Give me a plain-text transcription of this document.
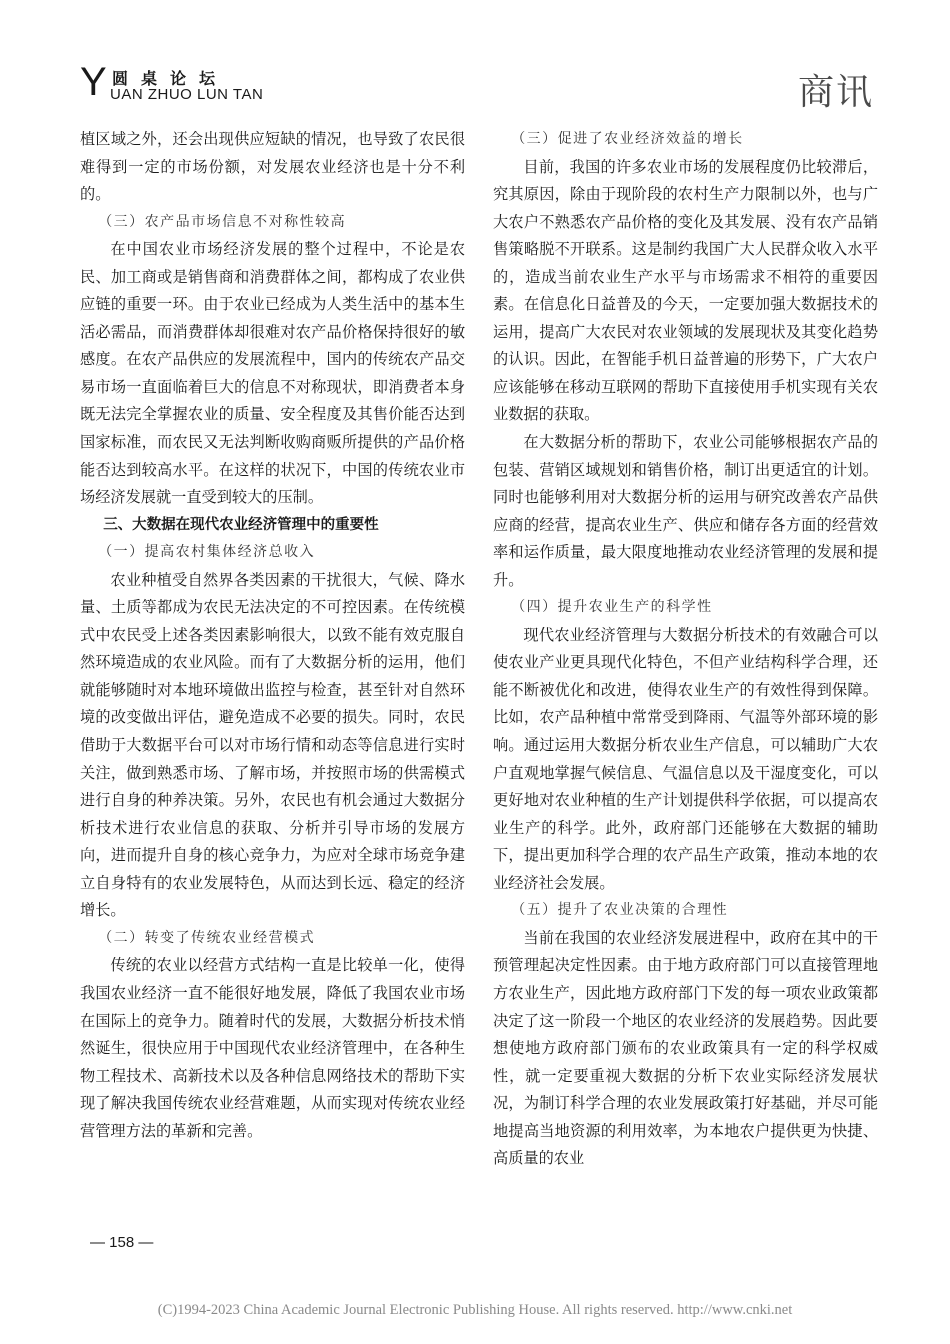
Y 圆桌论坛
UAN ZHUO LUN TAN	商讯

植区域之外，还会出现供应短缺的情况，也导致了农民很难得到一定的市场份额，对发展农业经济也是十分不利的。

（三）农产品市场信息不对称性较高

在中国农业市场经济发展的整个过程中，不论是农民、加工商或是销售商和消费群体之间，都构成了农业供应链的重要一环。由于农业已经成为人类生活中的基本生活必需品，而消费群体却很难对农产品价格保持很好的敏感度。在农产品供应的发展流程中，国内的传统农产品交易市场一直面临着巨大的信息不对称现状，即消费者本身既无法完全掌握农业的质量、安全程度及其售价能否达到国家标准，而农民又无法判断收购商贩所提供的产品价格能否达到较高水平。在这样的状况下，中国的传统农业市场经济发展就一直受到较大的压制。

三、大数据在现代农业经济管理中的重要性

（一）提高农村集体经济总收入

农业种植受自然界各类因素的干扰很大，气候、降水量、土质等都成为农民无法决定的不可控因素。在传统模式中农民受上述各类因素影响很大，以致不能有效克服自然环境造成的农业风险。而有了大数据分析的运用，他们就能够随时对本地环境做出监控与检查，甚至针对自然环境的改变做出评估，避免造成不必要的损失。同时，农民借助于大数据平台可以对市场行情和动态等信息进行实时关注，做到熟悉市场、了解市场，并按照市场的供需模式进行自身的种养决策。另外，农民也有机会通过大数据分析技术进行农业信息的获取、分析并引导市场的发展方向，进而提升自身的核心竞争力，为应对全球市场竞争建立自身特有的农业发展特色，从而达到长远、稳定的经济增长。

（二）转变了传统农业经营模式

传统的农业以经营方式结构一直是比较单一化，使得我国农业经济一直不能很好地发展，降低了我国农业市场在国际上的竞争力。随着时代的发展，大数据分析技术悄然诞生，很快应用于中国现代农业经济管理中，在各种生物工程技术、高新技术以及各种信息网络技术的帮助下实现了解决我国传统农业经营难题，从而实现对传统农业经营管理方法的革新和完善。

（三）促进了农业经济效益的增长

目前，我国的许多农业市场的发展程度仍比较滞后，究其原因，除由于现阶段的农村生产力限制以外，也与广大农户不熟悉农产品价格的变化及其发展、没有农产品销售策略脱不开联系。这是制约我国广大人民群众收入水平的，造成当前农业生产水平与市场需求不相符的重要因素。在信息化日益普及的今天，一定要加强大数据技术的运用，提高广大农民对农业领域的发展现状及其变化趋势的认识。因此，在智能手机日益普遍的形势下，广大农户应该能够在移动互联网的帮助下直接使用手机实现有关农业数据的获取。

在大数据分析的帮助下，农业公司能够根据农产品的包装、营销区域规划和销售价格，制订出更适宜的计划。同时也能够利用对大数据分析的运用与研究改善农产品供应商的经营，提高农业生产、供应和储存各方面的经营效率和运作质量，最大限度地推动农业经济管理的发展和提升。

（四）提升农业生产的科学性

现代农业经济管理与大数据分析技术的有效融合可以使农业产业更具现代化特色，不但产业结构科学合理，还能不断被优化和改进，使得农业生产的有效性得到保障。比如，农产品种植中常常受到降雨、气温等外部环境的影响。通过运用大数据分析农业生产信息，可以辅助广大农户直观地掌握气候信息、气温信息以及干湿度变化，可以更好地对农业种植的生产计划提供科学依据，可以提高农业生产的科学。此外，政府部门还能够在大数据的辅助下，提出更加科学合理的农产品生产政策，推动本地的农业经济社会发展。

（五）提升了农业决策的合理性

当前在我国的农业经济发展进程中，政府在其中的干预管理起决定性因素。由于地方政府部门可以直接管理地方农业生产，因此地方政府部门下发的每一项农业政策都决定了这一阶段一个地区的农业经济的发展趋势。因此要想使地方政府部门颁布的农业政策具有一定的科学权威性，就一定要重视大数据的分析下农业实际经济发展状况，为制订科学合理的农业发展政策打好基础，并尽可能地提高当地资源的利用效率，为本地农户提供更为快捷、高质量的农业

— 158 —
(C)1994-2023 China Academic Journal Electronic Publishing House. All rights reserved. http://www.cnki.net
